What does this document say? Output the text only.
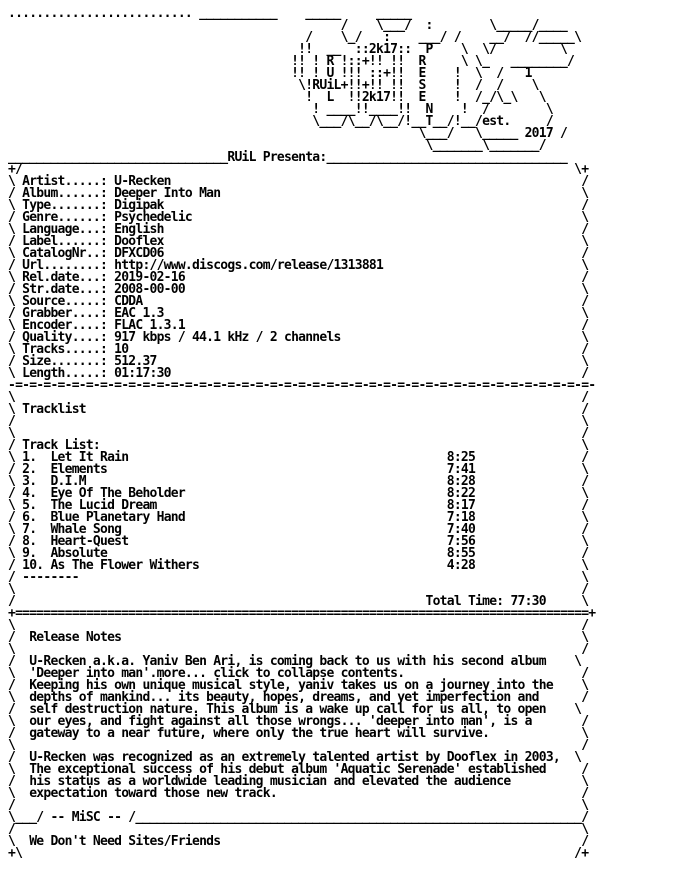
.......................... ___________    _____     _____
/    \___/  :        \_____/____
/    \_/   :    ___/ /    __/  //_____\
!!  __  ::2k17::  P    \  \/         \
!! ! R !::+!! !!  R     \ \_   ________/
!! ! U !!! ::+!!  E    !  \  /   1
\!RUiL+!!+!! !!  S    !  /  /    \
!  L  !!2k17!!  E    !  /_/\_\   \
! ____!!____!!  N    !  /        \
\___/\__/\__/!__T__/!__/est.     /
\___/   \_____ 2017 /
\_______\_______/
_______________________________RUiL Presenta:__________________________________
+/                                                                              \+
\ Artist.....: U-Recken                                                          /
/ Album......: Deeper Into Man                                                   \
\ Type.......: Digipak                                                           /
/ Genre......: Psychedelic                                                       \
\ Language...: English                                                           /
/ Label......: Dooflex                                                           \
\ CatalogNr..: DFXCD06                                                           /
/ Url........: http://www.discogs.com/release/1313881                            \
\ Rel.date...: 2019-02-16                                                        /
/ Str.date...: 2008-00-00                                                        \
\ Source.....: CDDA                                                              /
/ Grabber....: EAC 1.3                                                           \
\ Encoder....: FLAC 1.3.1                                                        /
/ Quality....: 917 kbps / 44.1 kHz / 2 channels                                  \
\ Tracks.....: 10                                                                /
/ Size.......: 512.37                                                            \
\ Length.....: 01:17:30                                                          /
-=-=-=-=-=-=-=-=-=-=-=-=-=-=-=-=-=-=-=-=-=-=-=-=-=-=-=-=-=-=-=-=-=-=-=-=-=-=-=-=-=-
\                                                                                /
\ Tracklist                                                                      /
/                                                                                \
\                                                                                /
/ Track List:                                                                    \
\ 1. Let It Rain	8:25               /
/ 2. Elements	7:41               \
\ 3. D.I.M	8:28               /
/ 4. Eye Of The Beholder	8:22               \
\ 5. The Lucid Dream	8:17               /
/ 6. Blue Planetary Hand	7:18               \
\ 7. Whale Song	7:40               /
/ 8. Heart-Quest	7:56               \
\ 9. Absolute	8:55               /
/ 10. As The Flower Withers	4:28               \
/ --------                                                                       \
\                                                                                /
/                                                          Total Time: 77:30     \
+=================================================================================+
\                                                                                /
/  Release Notes                                                                 \
\                                                                                /
/  U-Recken a.k.a. Yaniv Ben Ari, is coming back to us with his second album    \
\  'Deeper into man'.more... click to collapse contents.                         /
/  Keeping his own unique musical style, yaniv takes us on a journey into the    \
\  depths of mankind... its beauty, hopes, dreams, and yet imperfection and      /
/  self destruction nature. This album is a wake up call for us all, to open    \
\  our eyes, and fight against all those wrongs... 'deeper into man', is a       /
/  gateway to a near future, where only the true heart will survive.             \
\                                                                                /
/  U-Recken was recognized as an extremely talented artist by Dooflex in 2003,  \
\  The exceptional success of his debut album 'Aquatic Serenade' established     /
/  his status as a worldwide leading musician and elevated the audience          \
\  expectation toward those new track.                                           /
/                                                                                \
\___/ -- MiSC -- /_______________________________________________________________/
/                                                                                \
\  We Don't Need Sites/Friends                                                   /
+\                                                                              /+
